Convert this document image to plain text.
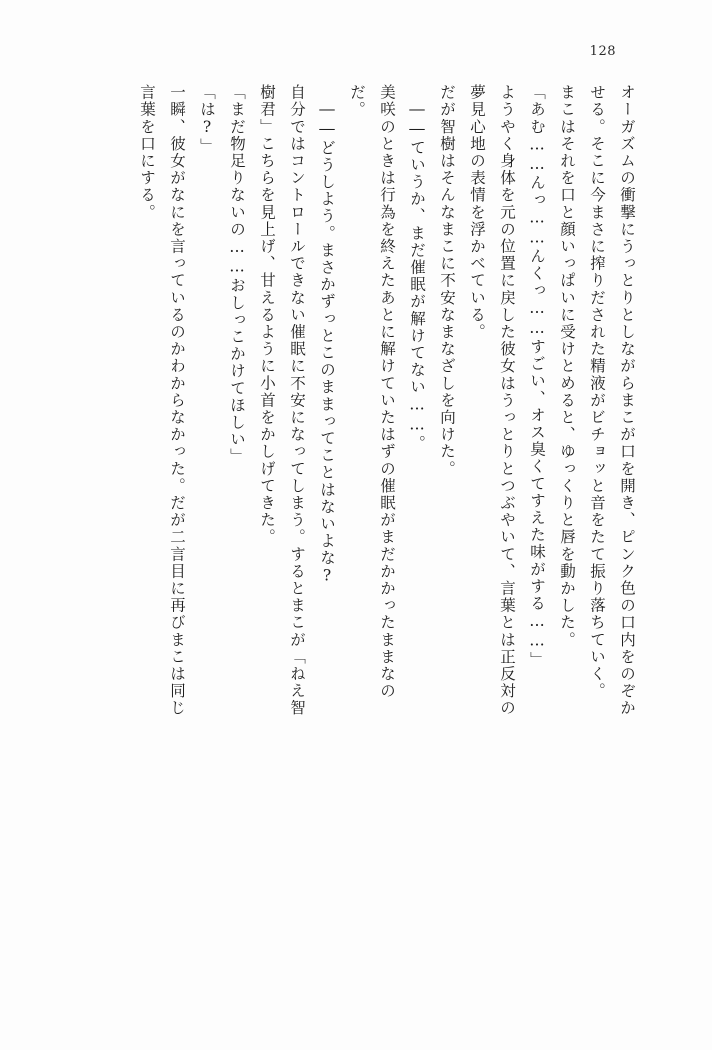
128
オーガズムの衝撃にうっとりとしながらまこが口を開き、ピンク色の口内をのぞか
せる。そこに今まさに搾りだされた精液がビチョッと音をたて振り落ちていく。
まこはそれを口と顔いっぱいに受けとめると、ゆっくりと唇を動かした。
「あむ……んっ……んくっ……すごい、オス臭くてすえた味がする……」
ようやく身体を元の位置に戻した彼女はうっとりとつぶやいて、言葉とは正反対の
夢見心地の表情を浮かべている。
だが智樹はそんなまこに不安なまなざしを向けた。
――ていうか、まだ催眠が解けてない……。
美咲のときは行為を終えたあとに解けていたはずの催眠がまだかかったままなの
だ。
――どうしよう。まさかずっとこのままってことはないよな?
自分ではコントロールできない催眠に不安になってしまう。するとまこが「ねえ智
樹君」こちらを見上げ、甘えるように小首をかしげてきた。
「まだ物足りないの……おしっこかけてほしい」
「は?」
一瞬、彼女がなにを言っているのかわからなかった。だが二言目に再びまこは同じ
言葉を口にする。
